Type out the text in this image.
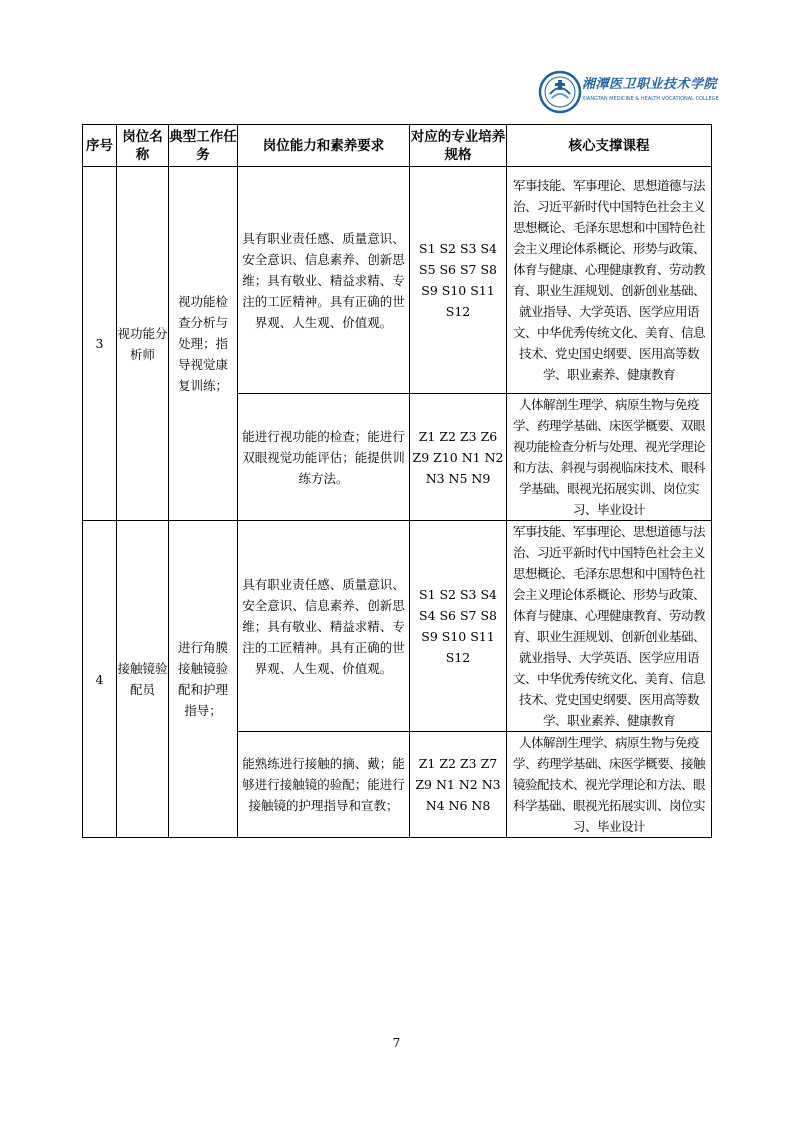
湘潭医卫职业技术学院
XIANGTAN MEDICINE & HEALTH VOCATIONAL COLLEGE
序号	岗位名称	典型工作任务	岗位能力和素养要求	对应的专业培养规格	核心支撑课程
3	视功能分析师	视功能检查分析与处理；指导视觉康复训练；	具有职业责任感、质量意识、安全意识、信息素养、创新思维；具有敬业、精益求精、专注的工匠精神。具有正确的世界观、人生观、价值观。	S1 S2 S3 S4 S5 S6 S7 S8 S9 S10 S11 S12	军事技能、军事理论、思想道德与法治、习近平新时代中国特色社会主义思想概论、毛泽东思想和中国特色社会主义理论体系概论、形势与政策、体育与健康、心理健康教育、劳动教育、职业生涯规划、创新创业基础、就业指导、大学英语、医学应用语文、中华优秀传统文化、美育、信息技术、党史国史纲要、医用高等数学、职业素养、健康教育
			能进行视功能的检查；能进行双眼视觉功能评估；能提供训练方法。	Z1 Z2 Z3 Z6 Z9 Z10 N1 N2 N3 N5 N9	人体解剖生理学、病原生物与免疫学、药理学基础、床医学概要、双眼视功能检查分析与处理、视光学理论和方法、斜视与弱视临床技术、眼科学基础、眼视光拓展实训、岗位实习、毕业设计
4	接触镜验配员	进行角膜接触镜验配和护理指导；	具有职业责任感、质量意识、安全意识、信息素养、创新思维；具有敬业、精益求精、专注的工匠精神。具有正确的世界观、人生观、价值观。	S1 S2 S3 S4 S4 S6 S7 S8 S9 S10 S11 S12	军事技能、军事理论、思想道德与法治、习近平新时代中国特色社会主义思想概论、毛泽东思想和中国特色社会主义理论体系概论、形势与政策、体育与健康、心理健康教育、劳动教育、职业生涯规划、创新创业基础、就业指导、大学英语、医学应用语文、中华优秀传统文化、美育、信息技术、党史国史纲要、医用高等数学、职业素养、健康教育
			能熟练进行接触的摘、戴；能够进行接触镜的验配；能进行接触镜的护理指导和宣教；	Z1 Z2 Z3 Z7 Z9 N1 N2 N3 N4 N6 N8	人体解剖生理学、病原生物与免疫学、药理学基础、床医学概要、接触镜验配技术、视光学理论和方法、眼科学基础、眼视光拓展实训、岗位实习、毕业设计
7
